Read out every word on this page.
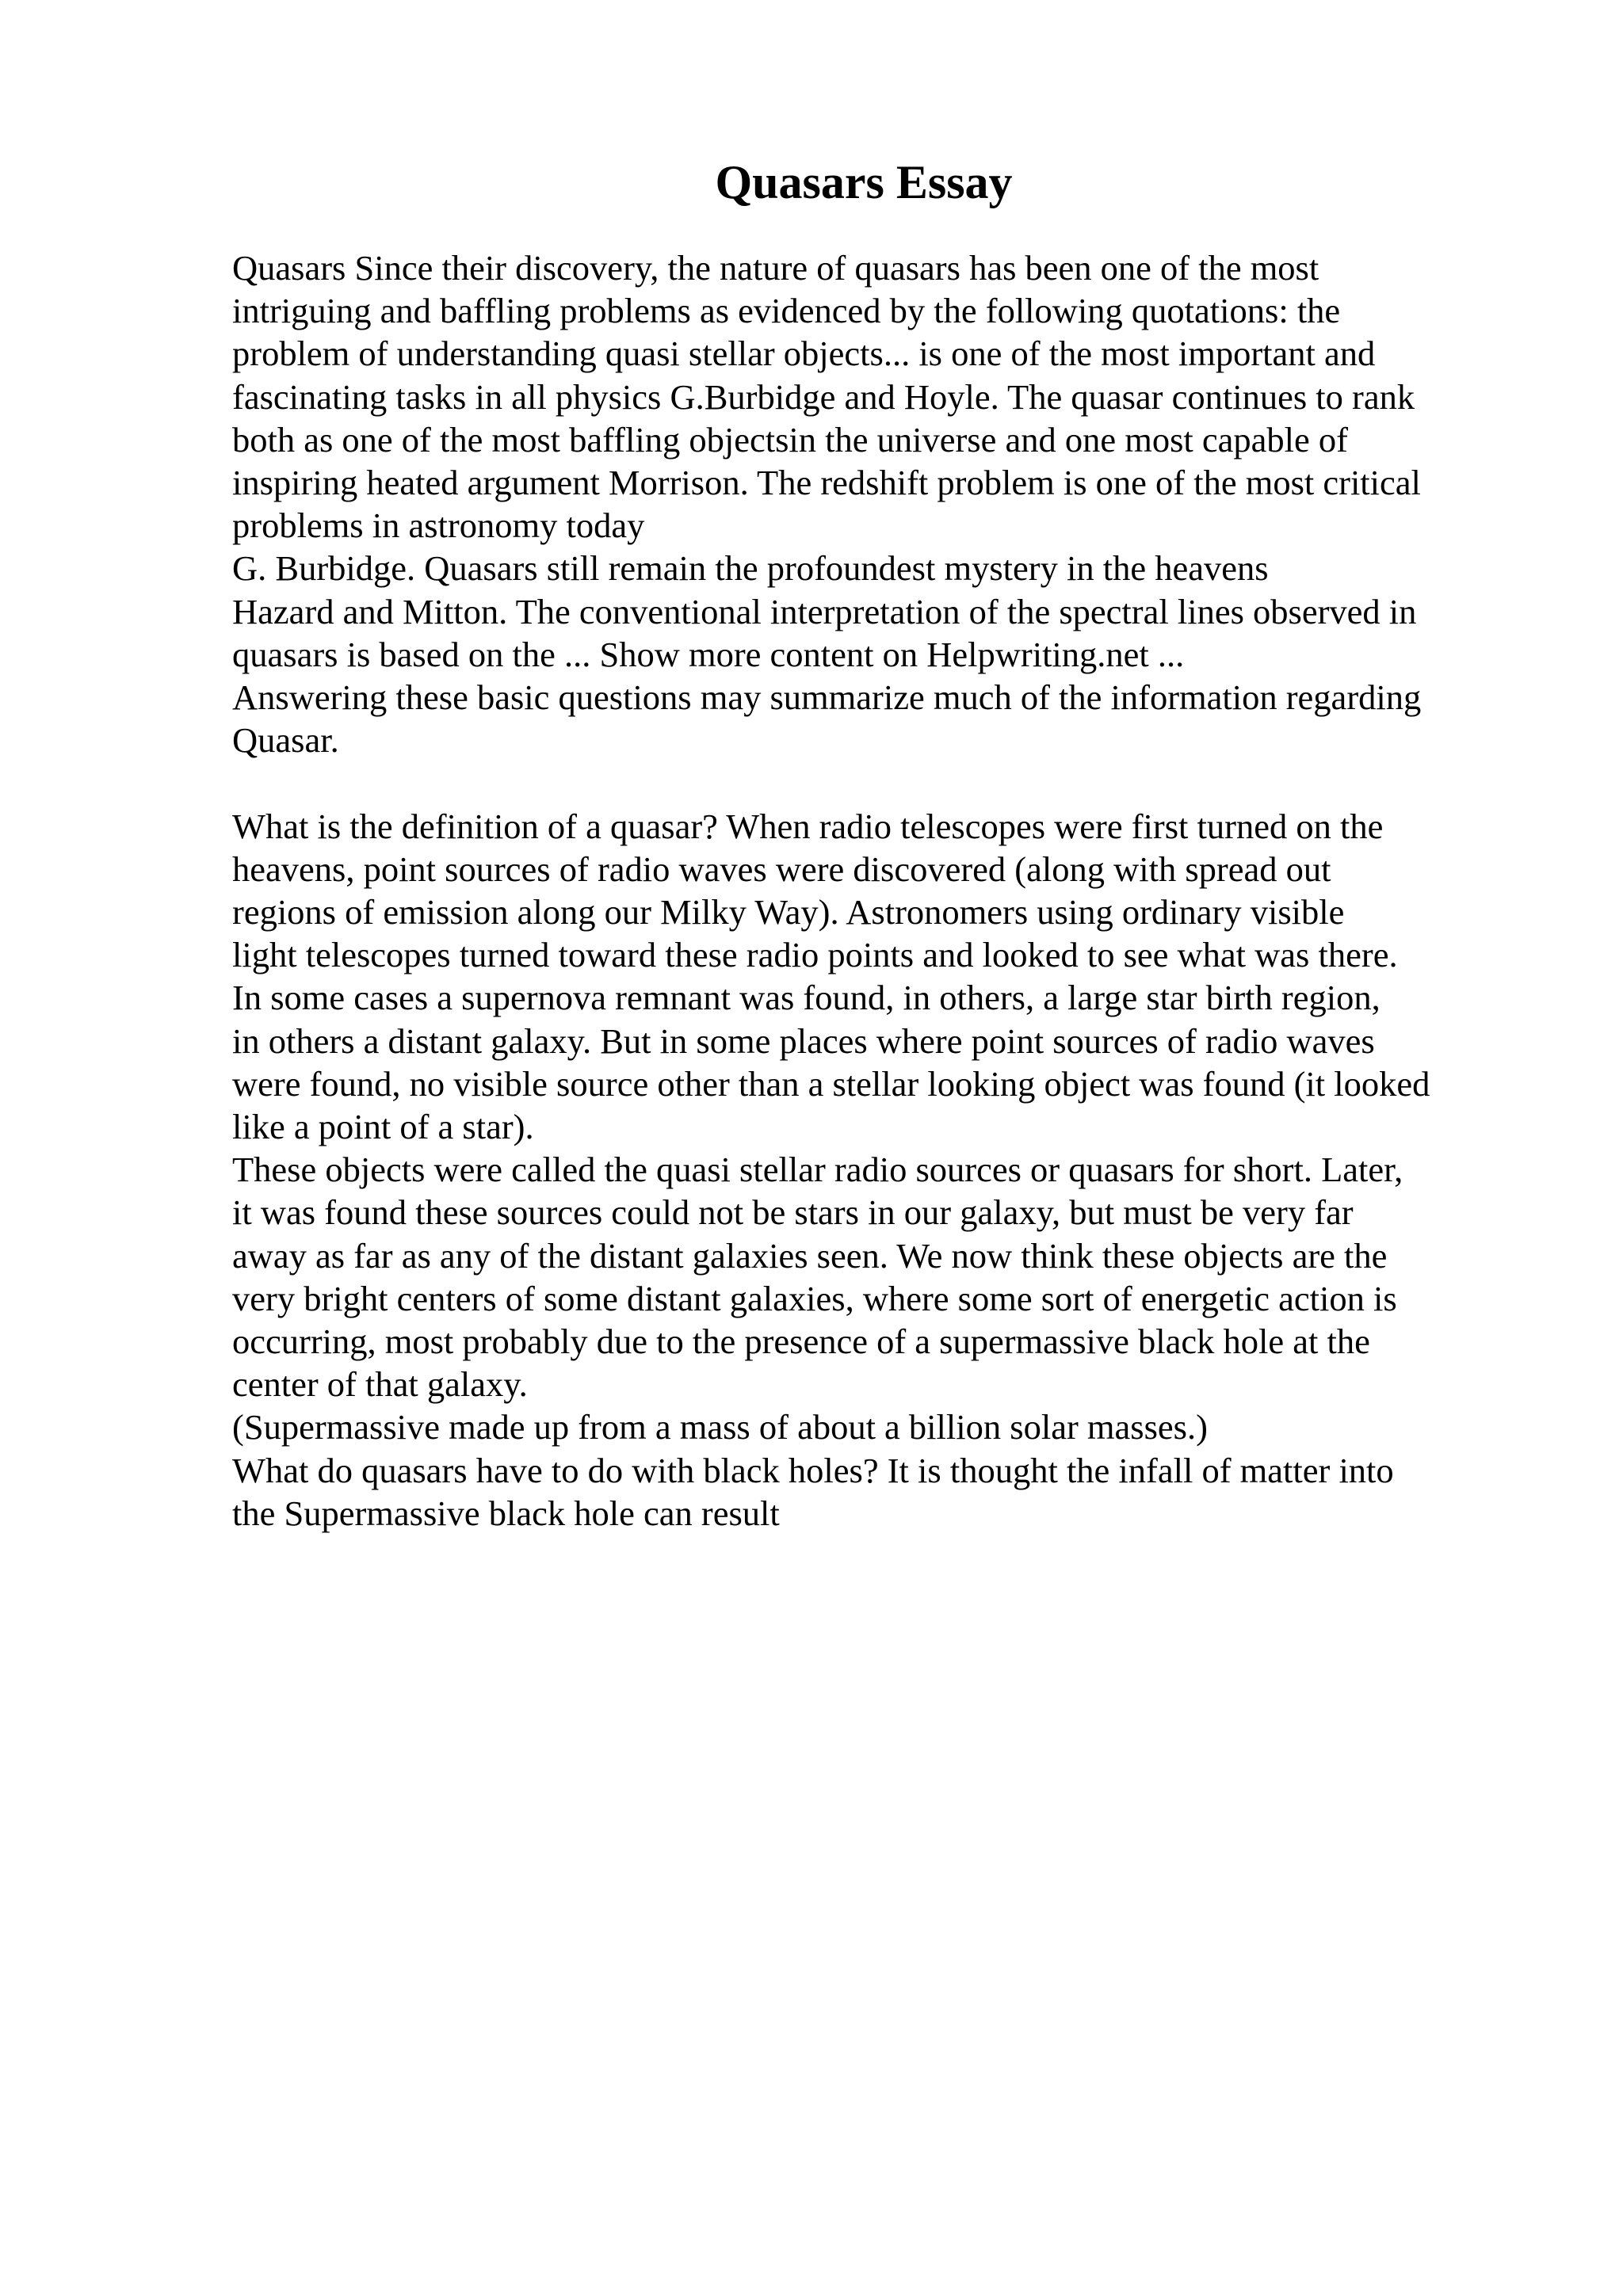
Quasars Essay
Quasars Since their discovery, the nature of quasars has been one of the most
intriguing and baffling problems as evidenced by the following quotations: the
problem of understanding quasi stellar objects... is one of the most important and
fascinating tasks in all physics G.Burbidge and Hoyle. The quasar continues to rank
both as one of the most baffling objectsin the universe and one most capable of
inspiring heated argument Morrison. The redshift problem is one of the most critical
problems in astronomy today
G. Burbidge. Quasars still remain the profoundest mystery in the heavens
Hazard and Mitton. The conventional interpretation of the spectral lines observed in
quasars is based on the ... Show more content on Helpwriting.net ...
Answering these basic questions may summarize much of the information regarding
Quasar.
What is the definition of a quasar? When radio telescopes were first turned on the
heavens, point sources of radio waves were discovered (along with spread out
regions of emission along our Milky Way). Astronomers using ordinary visible
light telescopes turned toward these radio points and looked to see what was there.
In some cases a supernova remnant was found, in others, a large star birth region,
in others a distant galaxy. But in some places where point sources of radio waves
were found, no visible source other than a stellar looking object was found (it looked
like a point of a star).
These objects were called the quasi stellar radio sources or quasars for short. Later,
it was found these sources could not be stars in our galaxy, but must be very far
away as far as any of the distant galaxies seen. We now think these objects are the
very bright centers of some distant galaxies, where some sort of energetic action is
occurring, most probably due to the presence of a supermassive black hole at the
center of that galaxy.
(Supermassive made up from a mass of about a billion solar masses.)
What do quasars have to do with black holes? It is thought the infall of matter into
the Supermassive black hole can result
